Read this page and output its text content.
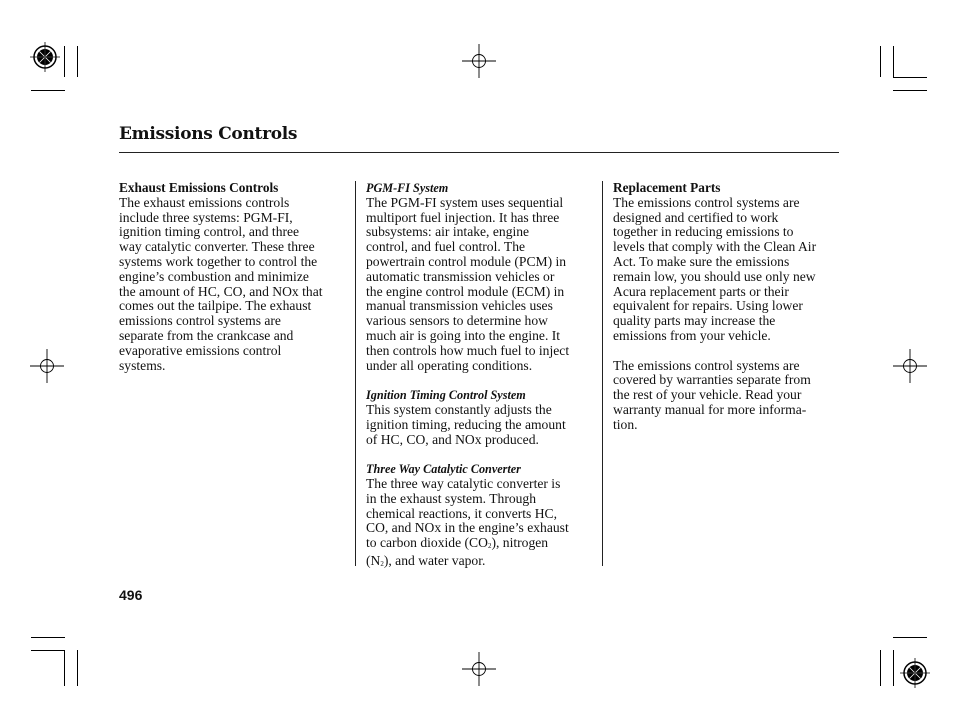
Emissions Controls

Exhaust Emissions Controls

The exhaust emissions controls

include three systems: PGM-FI,

ignition timing control, and three

way catalytic converter. These three

systems work together to control the

engine’s combustion and minimize

the amount of HC, CO, and NOx that

comes out the tailpipe. The exhaust

emissions control systems are

separate from the crankcase and

evaporative emissions control

systems.

PGM-FI System

The PGM-FI system uses sequential

multiport fuel injection. It has three

subsystems: air intake, engine

control, and fuel control. The

powertrain control module (PCM) in

automatic transmission vehicles or

the engine control module (ECM) in

manual transmission vehicles uses

various sensors to determine how

much air is going into the engine. It

then controls how much fuel to inject

under all operating conditions.

Ignition Timing Control System

This system constantly adjusts the

ignition timing, reducing the amount

of HC, CO, and NOx produced.

Three Way Catalytic Converter

The three way catalytic converter is

in the exhaust system. Through

chemical reactions, it converts HC,

CO, and NOx in the engine’s exhaust

to carbon dioxide $(CO_2)$, nitrogen

$(N_2)$, and water vapor.

Replacement Parts

The emissions control systems are

designed and certified to work

together in reducing emissions to

levels that comply with the Clean Air

Act. To make sure the emissions

remain low, you should use only new

Acura replacement parts or their

equivalent for repairs. Using lower

quality parts may increase the

emissions from your vehicle.

The emissions control systems are

covered by warranties separate from

the rest of your vehicle. Read your

warranty manual for more informa-

tion.

496
